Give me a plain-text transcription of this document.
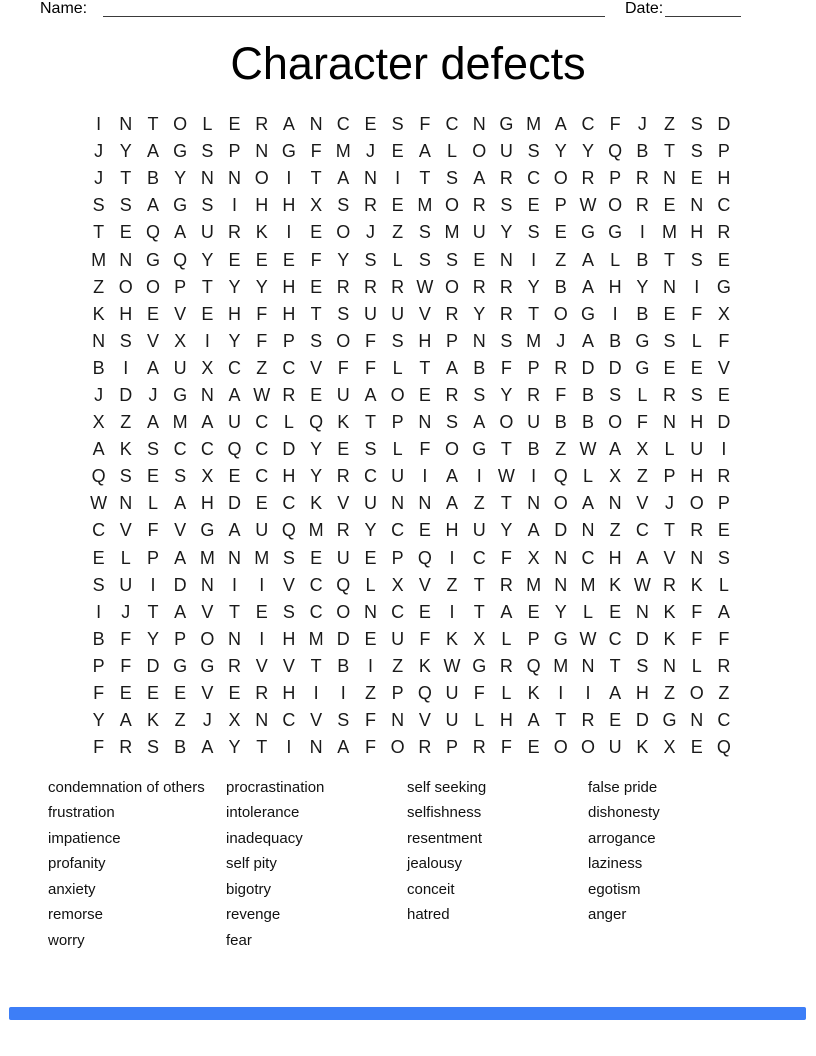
Name:	Date:
Character defects
I	N T O L E R A N C E S F C N G M A C F J Z S D
J Y A G S P N G F M J E A L O U S Y Y Q B T S P
J T B Y N N O I	T A N	I	T S A R C O R P R N E H
S S A G S	I	H H X S R E M O R S E P W O R E N C
T E Q A U R K	I	E O J Z S M U Y S E G G I M H R
M N G Q Y E E E F Y S L S S E N	I	Z A L B T S E
Z O O P T Y Y H E R R R W O R R Y B A H Y N	I G
K H E V E H F H T S U U V R Y R T O G I	B E F X
N S V X	I	Y F P S O F S H P N S M J A B G S L F
B	I	A U X C Z C V F F L T A B F P R D D G E E V
J D J G N A W R E U A O E R S Y R F B S L R S E
X Z A M A U C L Q K T P N S A O U B B O F N H D
A K S C C Q C D Y E S L F O G T B Z W A X L U	I
Q S E S X E C H Y R C U	I	A	I W I Q L X Z P H R
W N L A H D E C K V U N N A Z T N O A N V J O P
C V F V G A U Q M R Y C E H U Y A D N Z C T R E
E L P A M N M S E U E P Q I	C F X N C H A V N S
S U	I	D N	I	I	V C Q L X V Z T R M N M K W R K L
I	J T A V T E S C O N C E	I	T A E Y L E N K F A
B F Y P O N	I	H M D E U F K X L P G W C D K F F
P F D G G R V V T B	I	Z K W G R Q M N T S N L R
F E E E V E R H	I	I	Z P Q U F L K	I	I	A H Z O Z
Y A K Z J X N C V S F N V U L H A T R E D G N C
F R S B A Y T	I	N A F O R P R F E O O U K X E Q
condemnation of others
frustration
impatience
profanity
anxiety
remorse
worry
procrastination
intolerance
inadequacy
self pity
bigotry
revenge
fear
self seeking
selfishness
resentment
jealousy
conceit
hatred
false pride
dishonesty
arrogance
laziness
egotism
anger
